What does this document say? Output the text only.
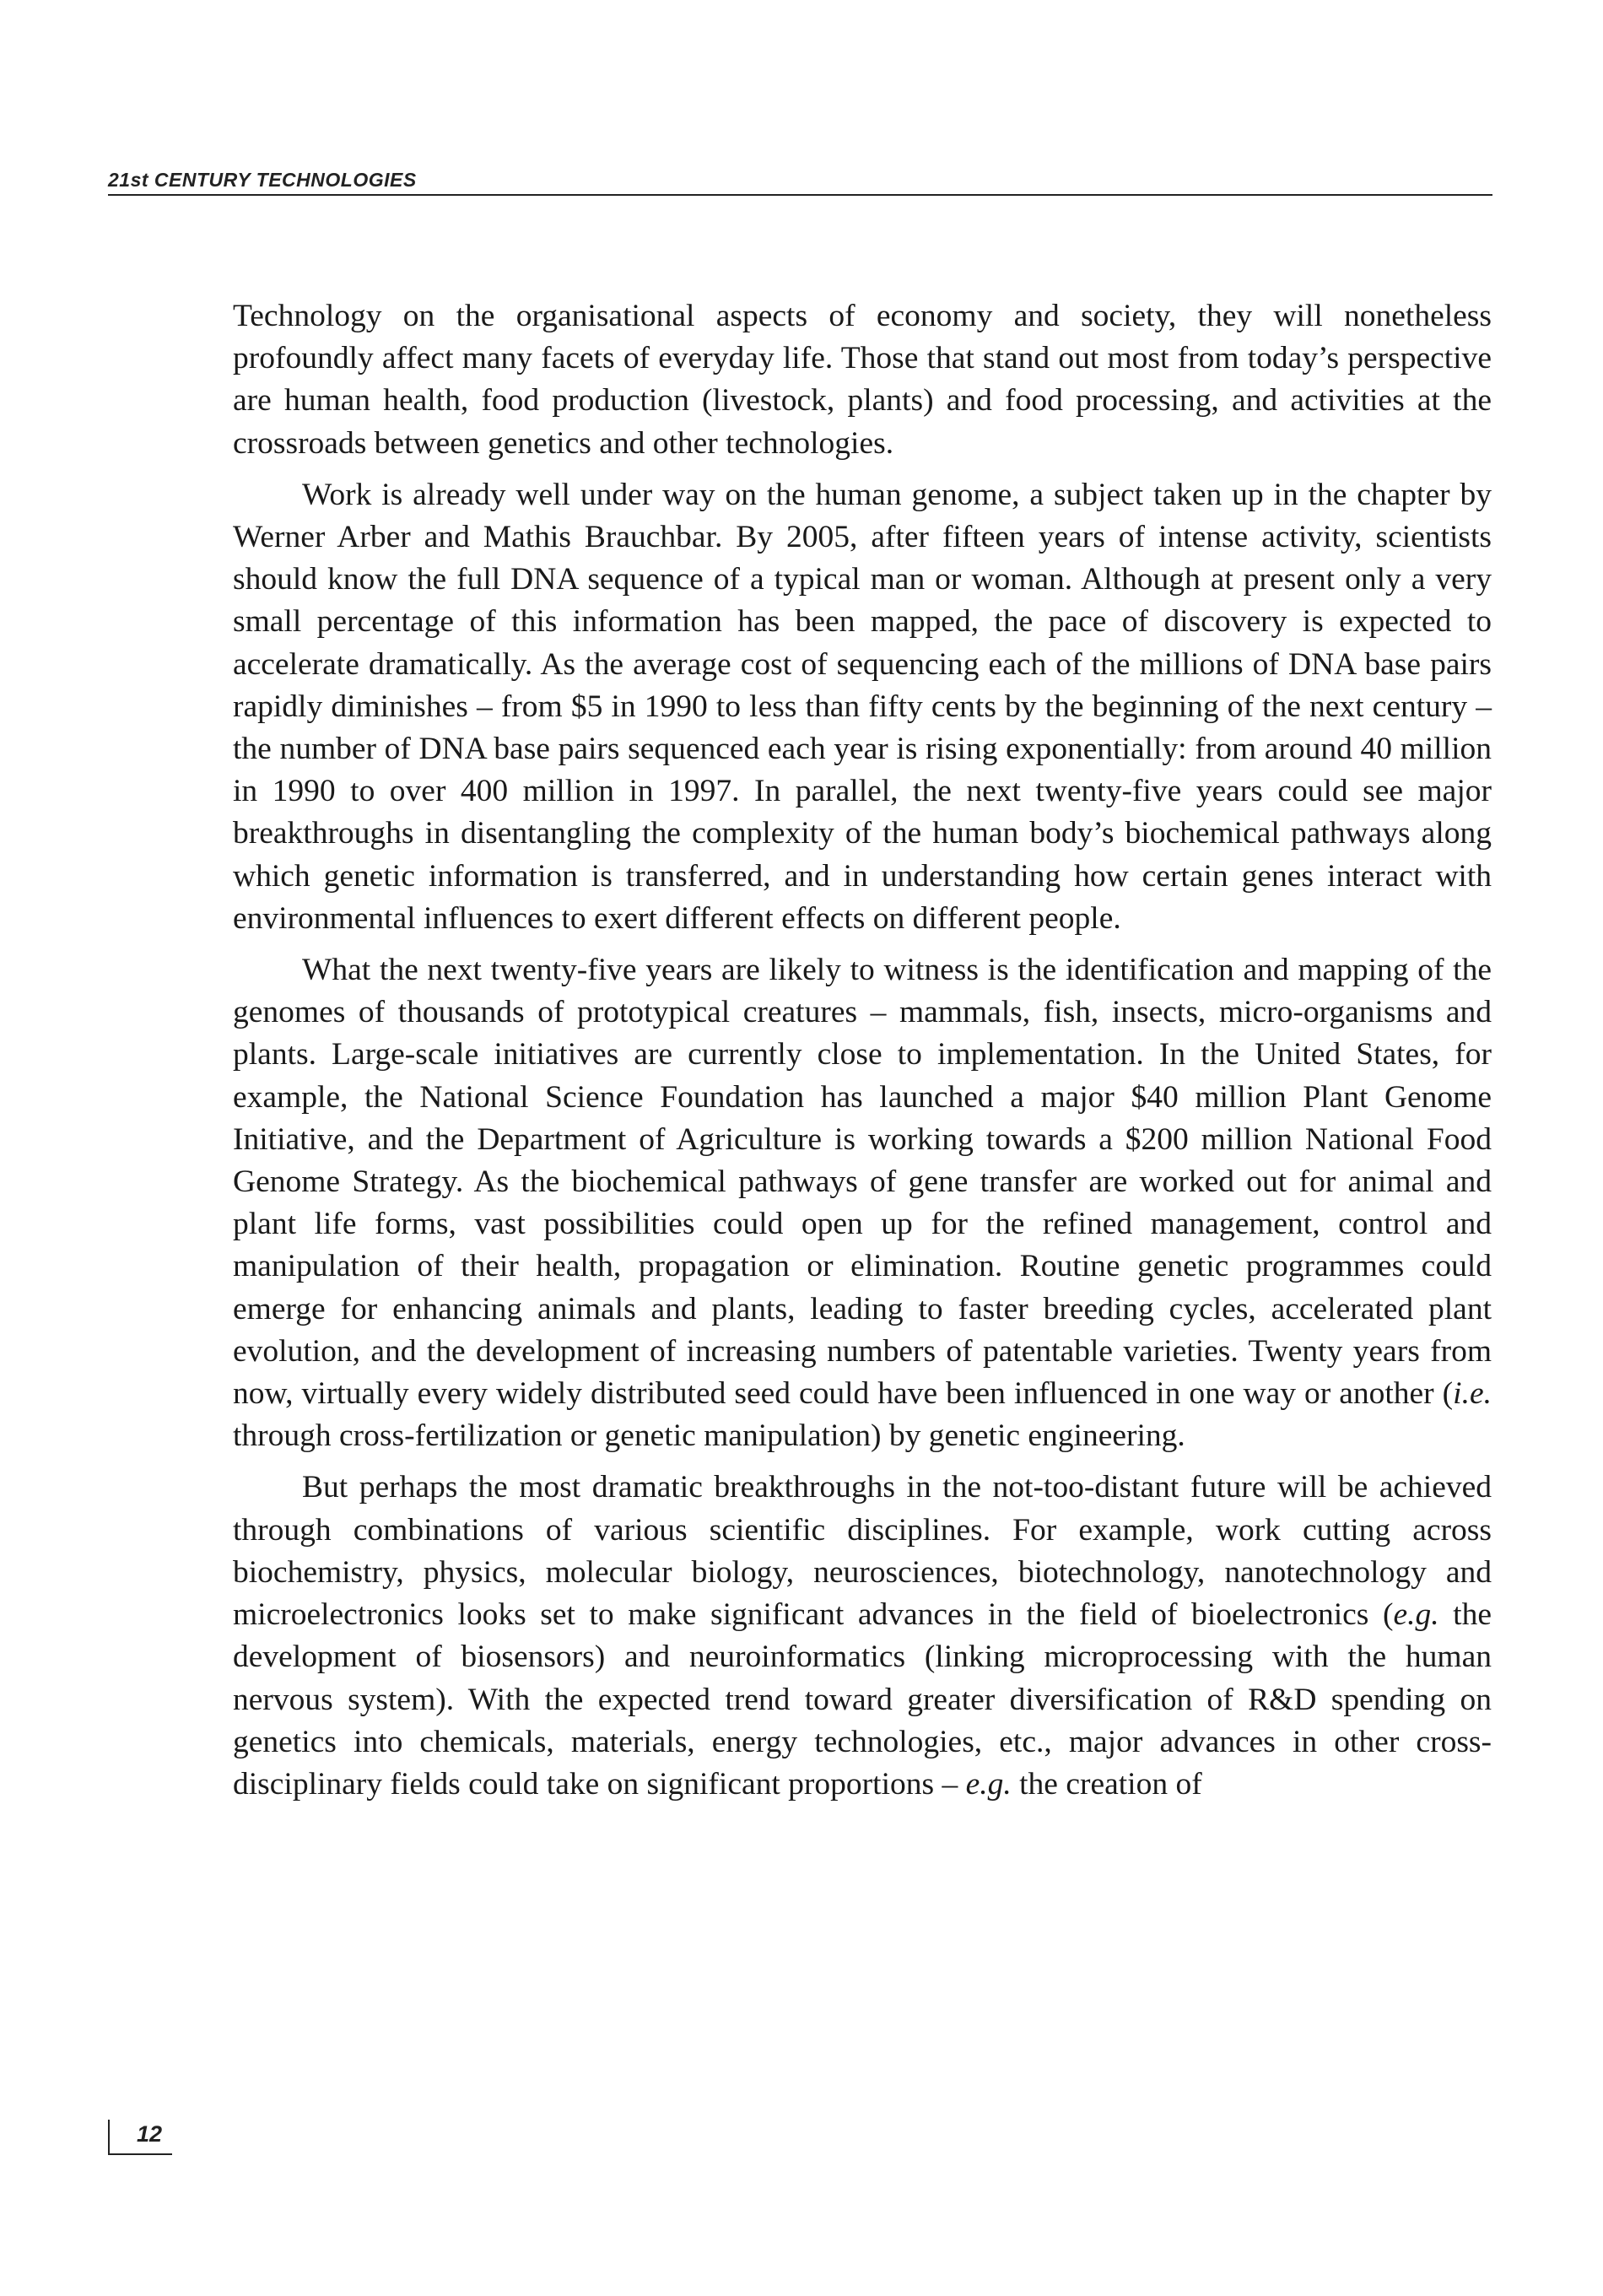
21st CENTURY TECHNOLOGIES

Technology on the organisational aspects of economy and society, they will nonetheless profoundly affect many facets of everyday life. Those that stand out most from today’s perspective are human health, food production (livestock, plants) and food processing, and activities at the crossroads between genetics and other technologies.

Work is already well under way on the human genome, a subject taken up in the chapter by Werner Arber and Mathis Brauchbar. By 2005, after fifteen years of intense activity, scientists should know the full DNA sequence of a typical man or woman. Although at present only a very small percentage of this information has been mapped, the pace of discovery is expected to accelerate dramatically. As the average cost of sequencing each of the millions of DNA base pairs rapidly diminishes – from $5 in 1990 to less than fifty cents by the beginning of the next century – the number of DNA base pairs sequenced each year is rising exponentially: from around 40 million in 1990 to over 400 million in 1997. In parallel, the next twenty-five years could see major breakthroughs in disentangling the complexity of the human body’s biochemical pathways along which genetic information is transferred, and in understanding how certain genes interact with environmental influences to exert different effects on different people.

What the next twenty-five years are likely to witness is the identification and mapping of the genomes of thousands of prototypical creatures – mammals, fish, insects, micro-organisms and plants. Large-scale initiatives are currently close to implementation. In the United States, for example, the National Science Foundation has launched a major $40 million Plant Genome Initiative, and the Department of Agriculture is working towards a $200 million National Food Genome Strategy. As the biochemical pathways of gene transfer are worked out for animal and plant life forms, vast possibilities could open up for the refined management, control and manipulation of their health, propagation or elimination. Routine genetic programmes could emerge for enhancing animals and plants, leading to faster breeding cycles, accelerated plant evolution, and the development of increasing numbers of patentable varieties. Twenty years from now, virtually every widely distributed seed could have been influenced in one way or another (i.e. through cross-fertilization or genetic manipulation) by genetic engineering.

But perhaps the most dramatic breakthroughs in the not-too-distant future will be achieved through combinations of various scientific disciplines. For example, work cutting across biochemistry, physics, molecular biology, neurosciences, biotechnology, nanotechnology and microelectronics looks set to make significant advances in the field of bioelectronics (e.g. the development of biosensors) and neuroinformatics (linking microprocessing with the human nervous system). With the expected trend toward greater diversification of R&D spending on genetics into chemicals, materials, energy technologies, etc., major advances in other cross-disciplinary fields could take on significant proportions – e.g. the creation of

12
